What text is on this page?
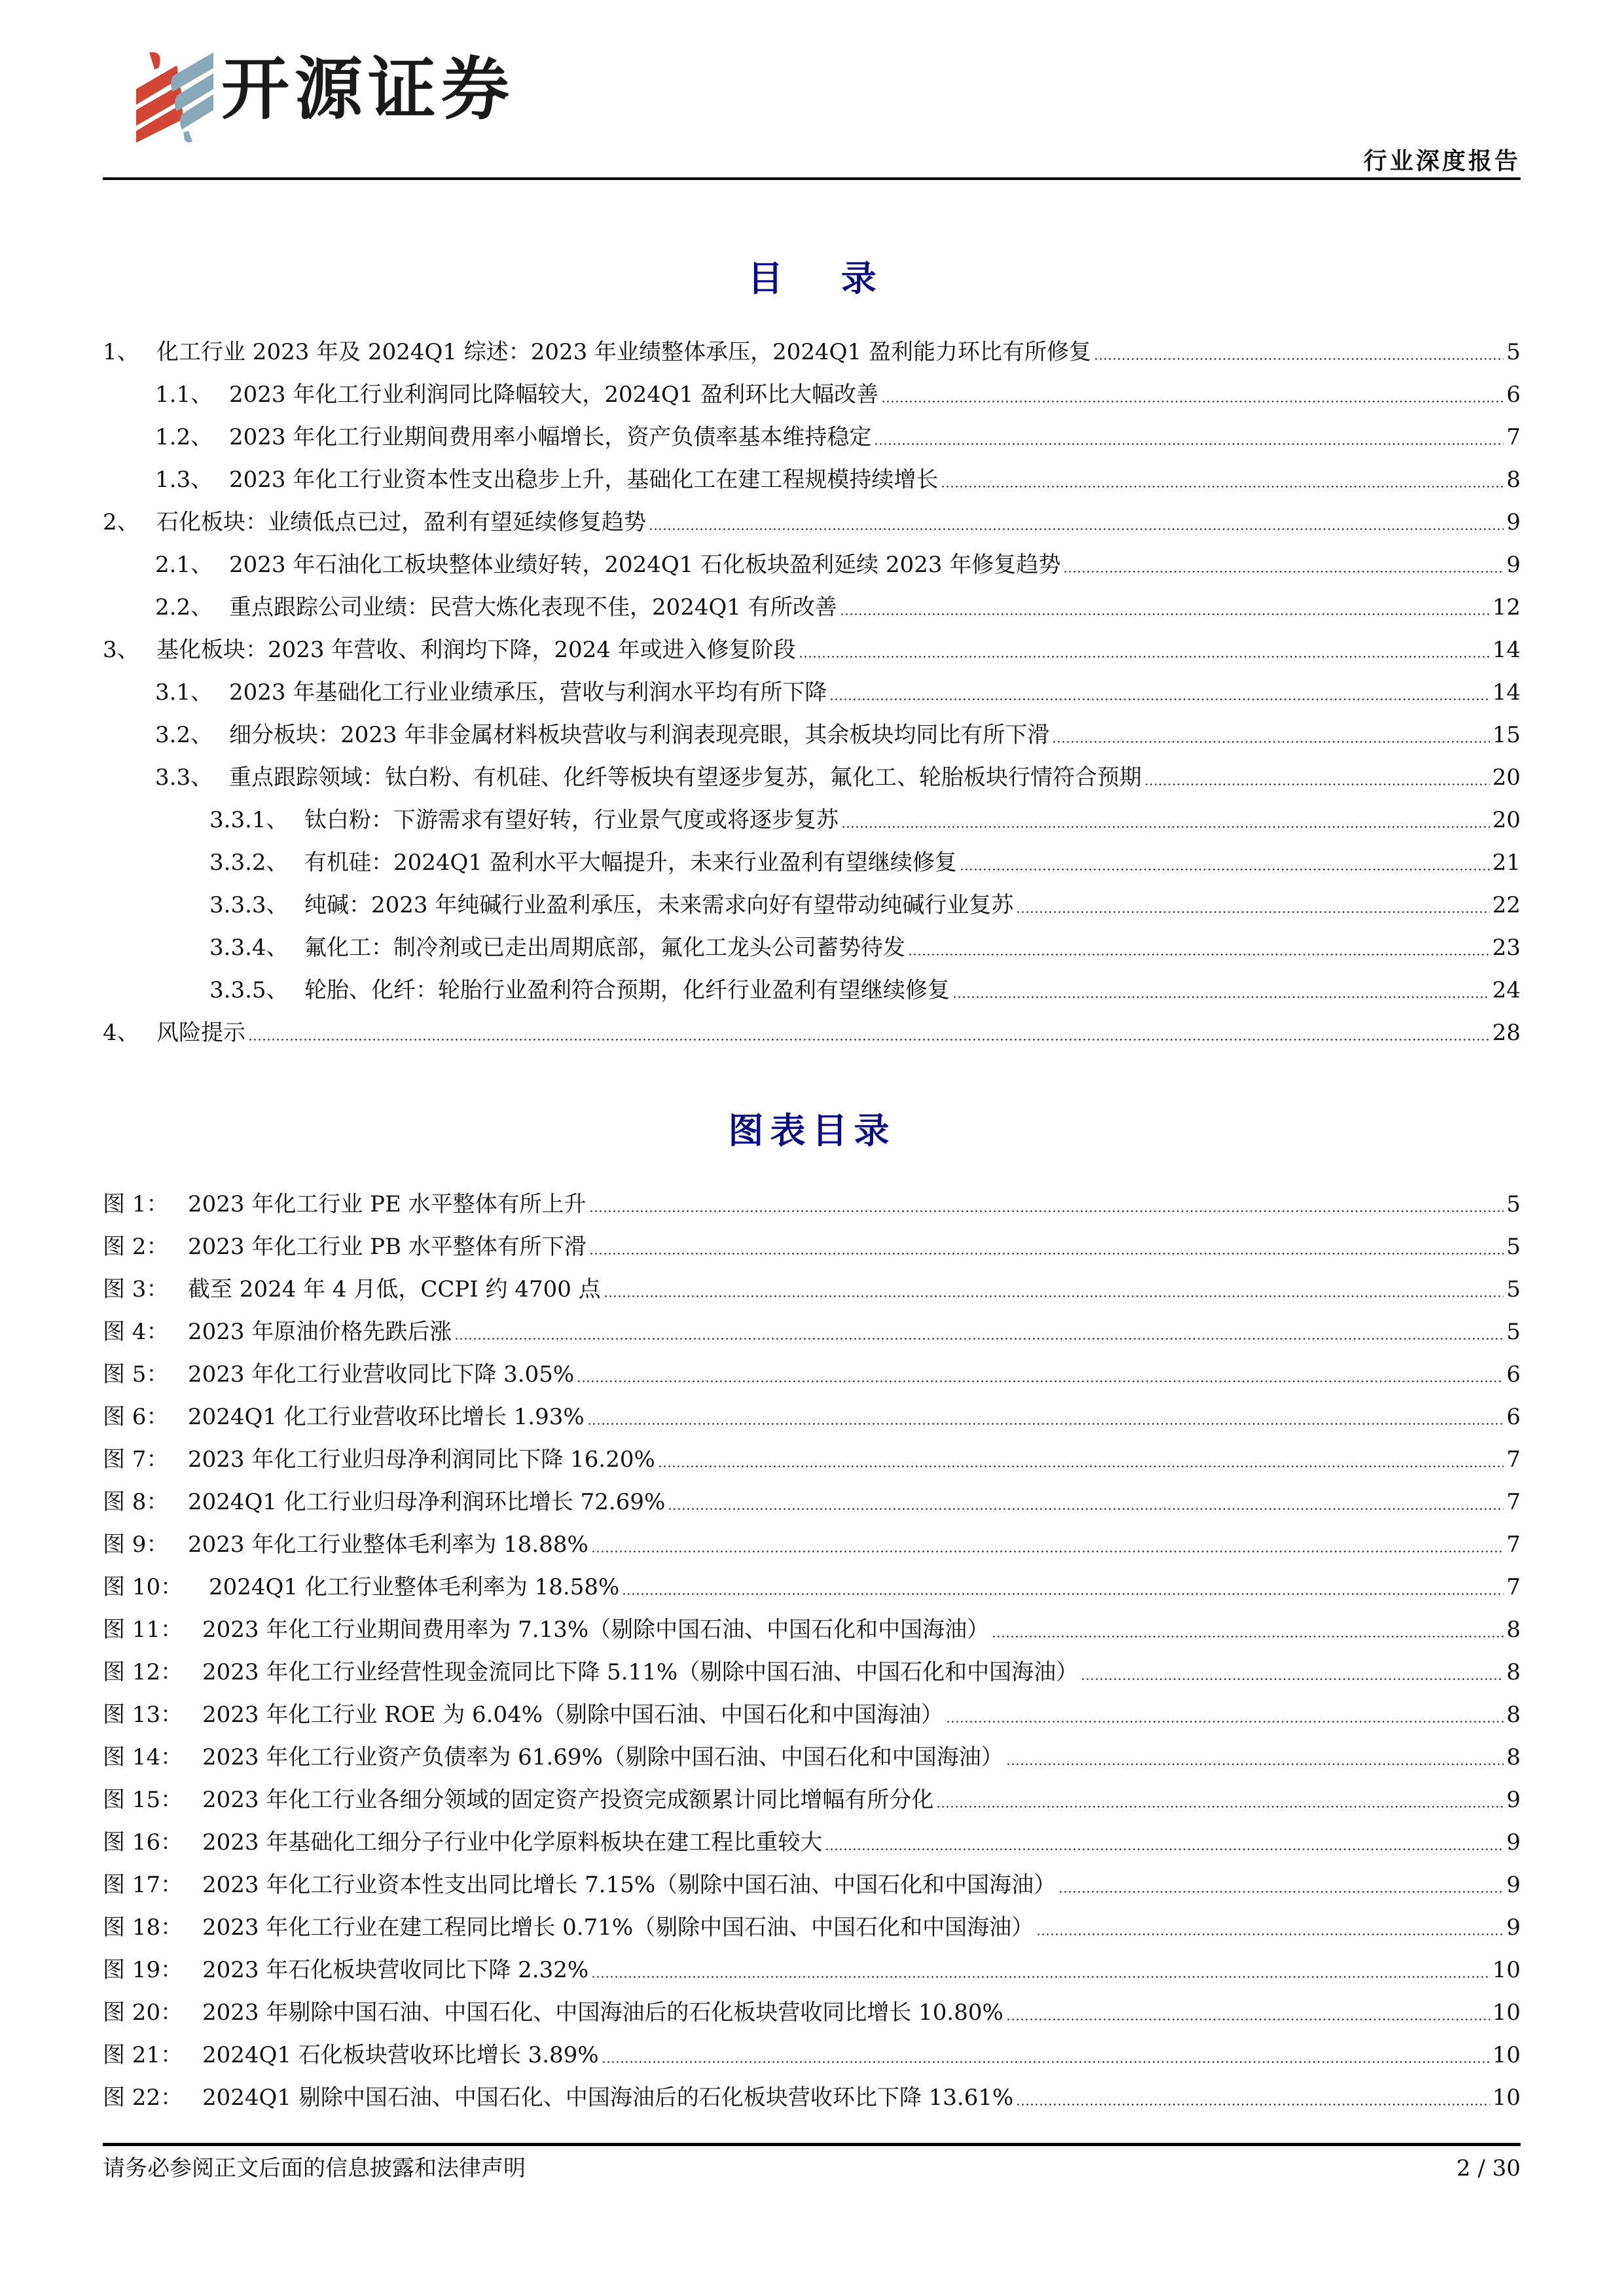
开源证券
行业深度报告
目 录
1、 化工行业 2023 年及 2024Q1 综述：2023 年业绩整体承压，2024Q1 盈利能力环比有所修复	5
1.1、 2023 年化工行业利润同比降幅较大，2024Q1 盈利环比大幅改善	6
1.2、 2023 年化工行业期间费用率小幅增长，资产负债率基本维持稳定	7
1.3、 2023 年化工行业资本性支出稳步上升，基础化工在建工程规模持续增长	8
2、 石化板块：业绩低点已过，盈利有望延续修复趋势	9
2.1、 2023 年石油化工板块整体业绩好转，2024Q1 石化板块盈利延续 2023 年修复趋势	9
2.2、 重点跟踪公司业绩：民营大炼化表现不佳，2024Q1 有所改善	12
3、 基化板块：2023 年营收、利润均下降，2024 年或进入修复阶段	14
3.1、 2023 年基础化工行业业绩承压，营收与利润水平均有所下降	14
3.2、 细分板块：2023 年非金属材料板块营收与利润表现亮眼，其余板块均同比有所下滑	15
3.3、 重点跟踪领域：钛白粉、有机硅、化纤等板块有望逐步复苏，氟化工、轮胎板块行情符合预期	20
3.3.1、 钛白粉：下游需求有望好转，行业景气度或将逐步复苏	20
3.3.2、 有机硅：2024Q1 盈利水平大幅提升，未来行业盈利有望继续修复	21
3.3.3、 纯碱：2023 年纯碱行业盈利承压，未来需求向好有望带动纯碱行业复苏	22
3.3.4、 氟化工：制冷剂或已走出周期底部，氟化工龙头公司蓄势待发	23
3.3.5、 轮胎、化纤：轮胎行业盈利符合预期，化纤行业盈利有望继续修复	24
4、 风险提示	28
图表目录
图 1： 2023 年化工行业 PE 水平整体有所上升	5
图 2： 2023 年化工行业 PB 水平整体有所下滑	5
图 3： 截至 2024 年 4 月低，CCPI 约 4700 点	5
图 4： 2023 年原油价格先跌后涨	5
图 5： 2023 年化工行业营收同比下降 3.05%	6
图 6： 2024Q1 化工行业营收环比增长 1.93%	6
图 7： 2023 年化工行业归母净利润同比下降 16.20%	7
图 8： 2024Q1 化工行业归母净利润环比增长 72.69%	7
图 9： 2023 年化工行业整体毛利率为 18.88%	7
图 10：	2024Q1 化工行业整体毛利率为 18.58%	7
图 11： 2023 年化工行业期间费用率为 7.13%（剔除中国石油、中国石化和中国海油）	8
图 12： 2023 年化工行业经营性现金流同比下降 5.11%（剔除中国石油、中国石化和中国海油）	8
图 13： 2023 年化工行业 ROE 为 6.04%（剔除中国石油、中国石化和中国海油）	8
图 14： 2023 年化工行业资产负债率为 61.69%（剔除中国石油、中国石化和中国海油）	8
图 15： 2023 年化工行业各细分领域的固定资产投资完成额累计同比增幅有所分化	9
图 16： 2023 年基础化工细分子行业中化学原料板块在建工程比重较大	9
图 17： 2023 年化工行业资本性支出同比增长 7.15%（剔除中国石油、中国石化和中国海油）	9
图 18： 2023 年化工行业在建工程同比增长 0.71%（剔除中国石油、中国石化和中国海油）	9
图 19： 2023 年石化板块营收同比下降 2.32%	10
图 20： 2023 年剔除中国石油、中国石化、中国海油后的石化板块营收同比增长 10.80%	10
图 21： 2024Q1 石化板块营收环比增长 3.89%	10
图 22： 2024Q1 剔除中国石油、中国石化、中国海油后的石化板块营收环比下降 13.61%	10
请务必参阅正文后面的信息披露和法律声明	2 / 30
